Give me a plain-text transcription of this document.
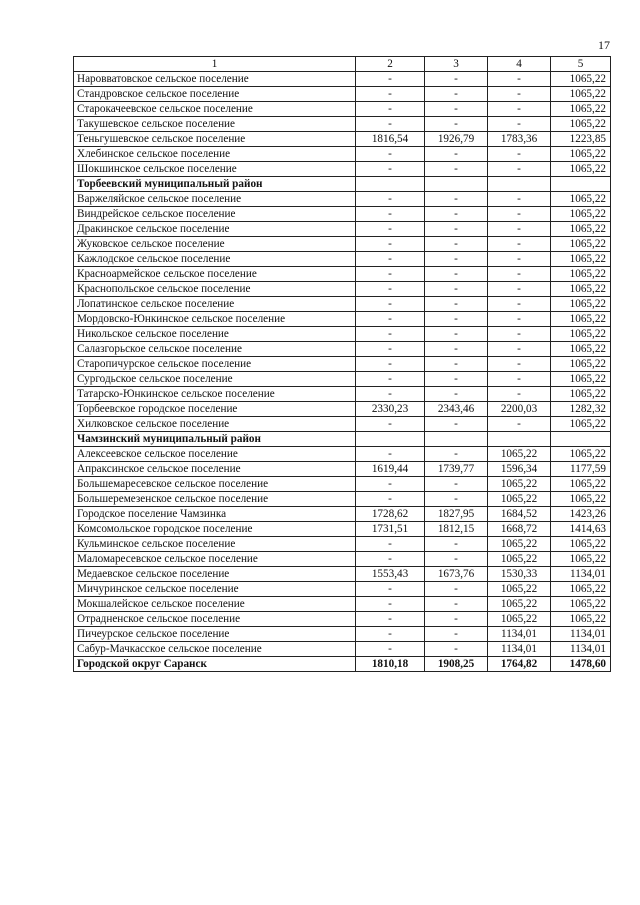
17
1	2	3	4	5
Наровватовское сельское поселение	-	-	-	1065,22
Стандровское сельское поселение	-	-	-	1065,22
Старокачеевское сельское поселение	-	-	-	1065,22
Такушевское сельское поселение	-	-	-	1065,22
Теньгушевское сельское поселение	1816,54	1926,79	1783,36	1223,85
Хлебинское сельское поселение	-	-	-	1065,22
Шокшинское сельское поселение	-	-	-	1065,22
Торбеевский муниципальный район				
Варжеляйское сельское поселение	-	-	-	1065,22
Виндрейское сельское поселение	-	-	-	1065,22
Дракинское сельское поселение	-	-	-	1065,22
Жуковское сельское поселение	-	-	-	1065,22
Кажлодское сельское поселение	-	-	-	1065,22
Красноармейское сельское поселение	-	-	-	1065,22
Краснопольское сельское поселение	-	-	-	1065,22
Лопатинское сельское поселение	-	-	-	1065,22
Мордовско-Юнкинское сельское поселение	-	-	-	1065,22
Никольское сельское поселение	-	-	-	1065,22
Салазгорьское сельское поселение	-	-	-	1065,22
Старопичурское сельское поселение	-	-	-	1065,22
Сургодьское сельское поселение	-	-	-	1065,22
Татарско-Юнкинское сельское поселение	-	-	-	1065,22
Торбеевское городское поселение	2330,23	2343,46	2200,03	1282,32
Хилковское сельское поселение	-	-	-	1065,22
Чамзинский муниципальный район				
Алексеевское сельское поселение	-	-	1065,22	1065,22
Апраксинское сельское поселение	1619,44	1739,77	1596,34	1177,59
Большемаресевское сельское поселение	-	-	1065,22	1065,22
Большеремезенское сельское поселение	-	-	1065,22	1065,22
Городское поселение Чамзинка	1728,62	1827,95	1684,52	1423,26
Комсомольское городское поселение	1731,51	1812,15	1668,72	1414,63
Кульминское сельское поселение	-	-	1065,22	1065,22
Маломаресевское сельское поселение	-	-	1065,22	1065,22
Медаевское сельское поселение	1553,43	1673,76	1530,33	1134,01
Мичуринское сельское поселение	-	-	1065,22	1065,22
Мокшалейское сельское поселение	-	-	1065,22	1065,22
Отрадненское сельское поселение	-	-	1065,22	1065,22
Пичеурское сельское поселение	-	-	1134,01	1134,01
Сабур-Мачкасское сельское поселение	-	-	1134,01	1134,01
Городской округ Саранск	1810,18	1908,25	1764,82	1478,60
